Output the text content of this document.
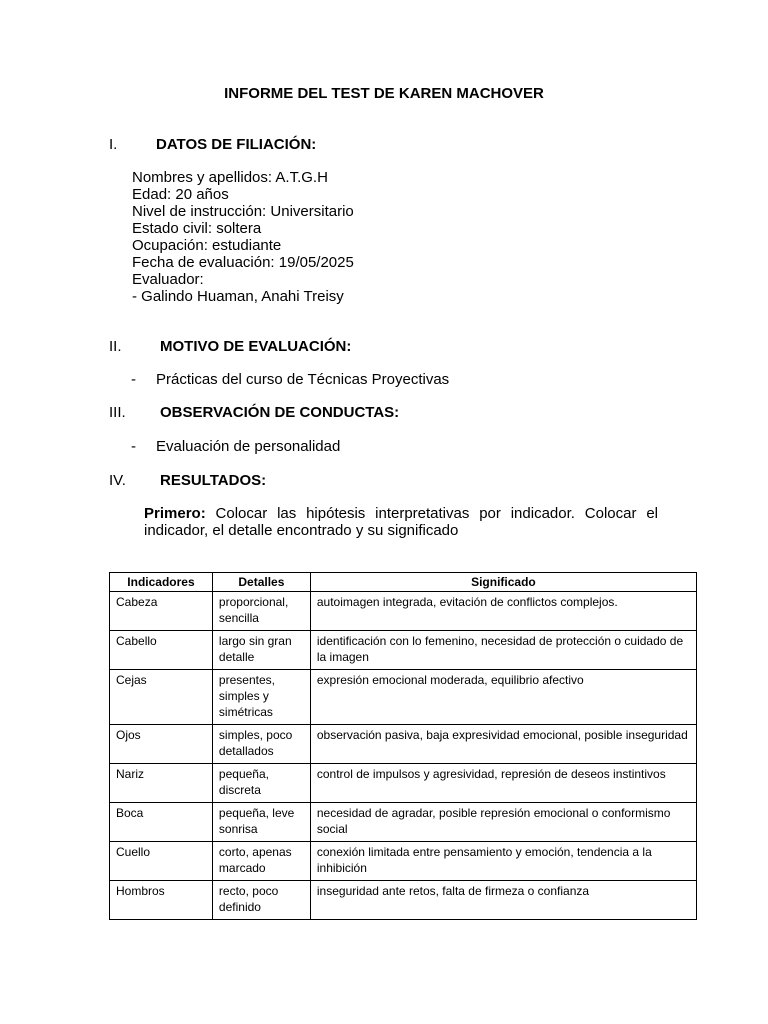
INFORME DEL TEST DE KAREN MACHOVER
I.	DATOS DE FILIACIÓN:
Nombres y apellidos: A.T.G.H
Edad: 20 años
Nivel de instrucción: Universitario
Estado civil: soltera
Ocupación: estudiante
Fecha de evaluación: 19/05/2025
Evaluador:
- Galindo Huaman, Anahi Treisy
II.	MOTIVO DE EVALUACIÓN:
- Prácticas del curso de Técnicas Proyectivas
III. OBSERVACIÓN DE CONDUCTAS:
- Evaluación de personalidad
IV. RESULTADOS:
Primero: Colocar las hipótesis interpretativas por indicador. Colocar el indicador, el detalle encontrado y su significado
Indicadores	Detalles	Significado
Cabeza	proporcional, sencilla	autoimagen integrada, evitación de conflictos complejos.
Cabello	largo sin gran detalle	identificación con lo femenino, necesidad de protección o cuidado de la imagen
Cejas	presentes, simples y simétricas	expresión emocional moderada, equilibrio afectivo
Ojos	simples, poco detallados	observación pasiva, baja expresividad emocional, posible inseguridad
Nariz	pequeña, discreta	control de impulsos y agresividad, represión de deseos instintivos
Boca	pequeña, leve sonrisa	necesidad de agradar, posible represión emocional o conformismo social
Cuello	corto, apenas marcado	conexión limitada entre pensamiento y emoción, tendencia a la inhibición
Hombros	recto, poco definido	inseguridad ante retos, falta de firmeza o confianza
